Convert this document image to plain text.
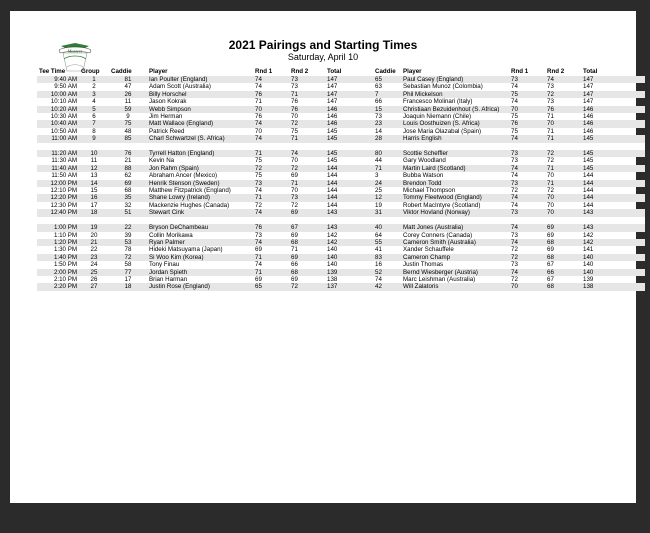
Masters	2021 Pairings and Starting Times
Saturday, April 10
Tee Time	Group	Caddie	Player	Rnd 1	Rnd 2	Total	Caddie	Player	Rnd 1	Rnd 2	Total
9:40 AM	1	81	Ian Poulter (England)	74	73	147	65	Paul Casey (England)	73	74	147
9:50 AM	2	47	Adam Scott (Australia)	74	73	147	63	Sebastian Munoz (Colombia)	74	73	147
10:00 AM	3	26	Billy Horschel	76	71	147	7	Phil Mickelson	75	72	147
10:10 AM	4	11	Jason Kokrak	71	76	147	66	Francesco Molinari (Italy)	74	73	147
10:20 AM	5	59	Webb Simpson	70	76	146	15	Christiaan Bezuidenhout (S. Africa)	70	76	146
10:30 AM	6	9	Jim Herman	76	70	146	73	Joaquin Niemann (Chile)	75	71	146
10:40 AM	7	75	Matt Wallace (England)	74	72	146	23	Louis Oosthuizen (S. Africa)	76	70	146
10:50 AM	8	48	Patrick Reed	70	75	145	14	Jose Maria Olazabal (Spain)	75	71	146
11:00 AM	9	85	Charl Schwartzel (S. Africa)	74	71	145	28	Harris English	74	71	145

11:20 AM	10	76	Tyrrell Hatton (England)	71	74	145	80	Scottie Scheffler	73	72	145
11:30 AM	11	21	Kevin Na	75	70	145	44	Gary Woodland	73	72	145
11:40 AM	12	88	Jon Rahm (Spain)	72	72	144	71	Martin Laird (Scotland)	74	71	145
11:50 AM	13	62	Abraham Ancer (Mexico)	75	69	144	3	Bubba Watson	74	70	144
12:00 PM	14	69	Henrik Stenson (Sweden)	73	71	144	24	Brendon Todd	73	71	144
12:10 PM	15	68	Matthew Fitzpatrick (England)	74	70	144	25	Michael Thompson	72	72	144
12:20 PM	16	35	Shane Lowry (Ireland)	71	73	144	12	Tommy Fleetwood (England)	74	70	144
12:30 PM	17	32	Mackenzie Hughes (Canada)	72	72	144	19	Robert MacIntyre (Scotland)	74	70	144
12:40 PM	18	51	Stewart Cink	74	69	143	31	Viktor Hovland (Norway)	73	70	143

1:00 PM	19	22	Bryson DeChambeau	76	67	143	40	Matt Jones (Australia)	74	69	143
1:10 PM	20	39	Collin Morikawa	73	69	142	64	Corey Conners (Canada)	73	69	142
1:20 PM	21	53	Ryan Palmer	74	68	142	55	Cameron Smith (Australia)	74	68	142
1:30 PM	22	78	Hideki Matsuyama (Japan)	69	71	140	41	Xander Schauffele	72	69	141
1:40 PM	23	72	Si Woo Kim (Korea)	71	69	140	83	Cameron Champ	72	68	140
1:50 PM	24	58	Tony Finau	74	66	140	16	Justin Thomas	73	67	140
2:00 PM	25	77	Jordan Spieth	71	68	139	52	Bernd Wiesberger (Austria)	74	66	140
2:10 PM	26	17	Brian Harman	69	69	138	74	Marc Leishman (Australia)	72	67	139
2:20 PM	27	18	Justin Rose (England)	65	72	137	42	Will Zalatoris	70	68	138
